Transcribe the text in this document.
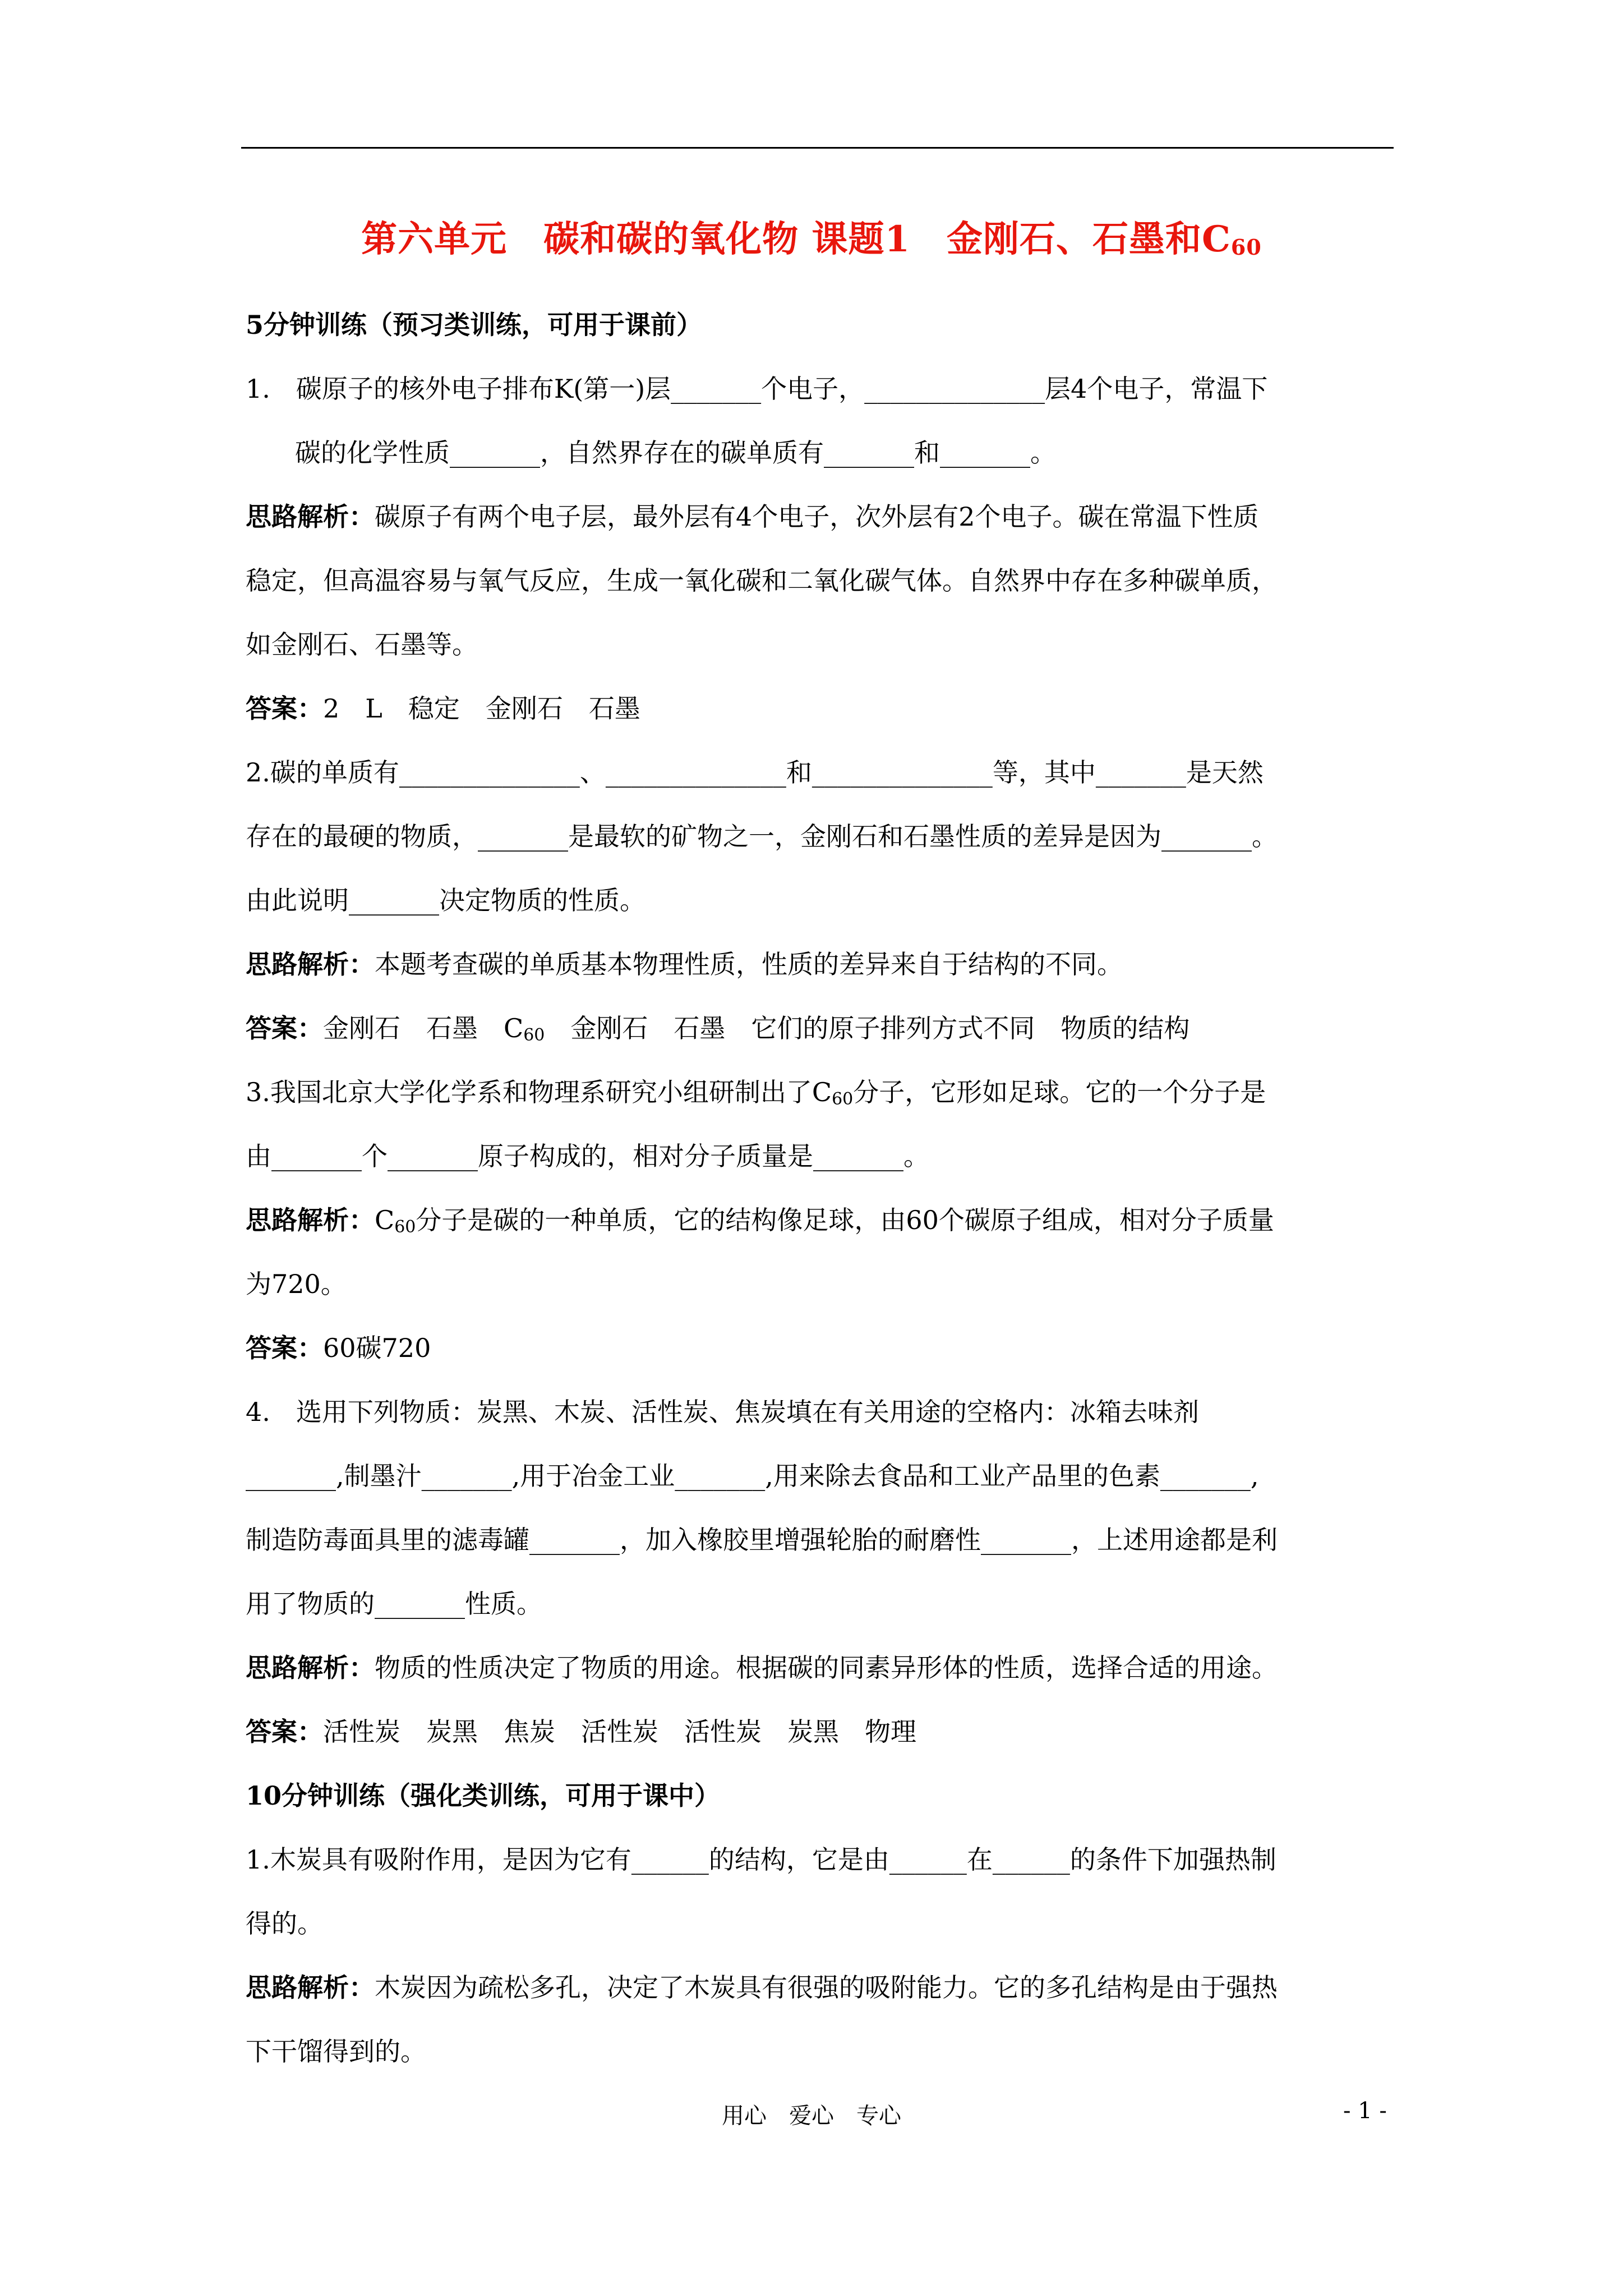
第六单元　碳和碳的氧化物 课题1　金刚石、石墨和$C_{60}$
5分钟训练（预习类训练，可用于课前）
1.　碳原子的核外电子排布K(第一)层_______个电子，______________层4个电子，常温下
碳的化学性质_______，自然界存在的碳单质有_______和_______。
思路解析：碳原子有两个电子层，最外层有4个电子，次外层有2个电子。碳在常温下性质
稳定，但高温容易与氧气反应，生成一氧化碳和二氧化碳气体。自然界中存在多种碳单质，
如金刚石、石墨等。
答案：2　L　稳定　金刚石　石墨
2.碳的单质有______________、______________和______________等，其中_______是天然
存在的最硬的物质，_______是最软的矿物之一，金刚石和石墨性质的差异是因为_______。
由此说明_______决定物质的性质。
思路解析：本题考查碳的单质基本物理性质，性质的差异来自于结构的不同。
答案：金刚石　石墨　$C_{60}$　金刚石　石墨　它们的原子排列方式不同　物质的结构
3.我国北京大学化学系和物理系研究小组研制出了$C_{60}$分子，它形如足球。它的一个分子是
由_______个_______原子构成的，相对分子质量是_______。
思路解析：$C_{60}$分子是碳的一种单质，它的结构像足球，由60个碳原子组成，相对分子质量
为720。
答案：60碳720
4.　选用下列物质：炭黑、木炭、活性炭、焦炭填在有关用途的空格内：冰箱去味剂
_______,制墨汁_______,用于冶金工业_______,用来除去食品和工业产品里的色素_______,
制造防毒面具里的滤毒罐_______，加入橡胶里增强轮胎的耐磨性_______，上述用途都是利
用了物质的_______性质。
思路解析：物质的性质决定了物质的用途。根据碳的同素异形体的性质，选择合适的用途。
答案：活性炭　炭黑　焦炭　活性炭　活性炭　炭黑　物理
10分钟训练（强化类训练，可用于课中）
1.木炭具有吸附作用，是因为它有______的结构，它是由______在______的条件下加强热制
得的。
思路解析：木炭因为疏松多孔，决定了木炭具有很强的吸附能力。它的多孔结构是由于强热
下干馏得到的。
用心　爱心　专心	- 1 -
